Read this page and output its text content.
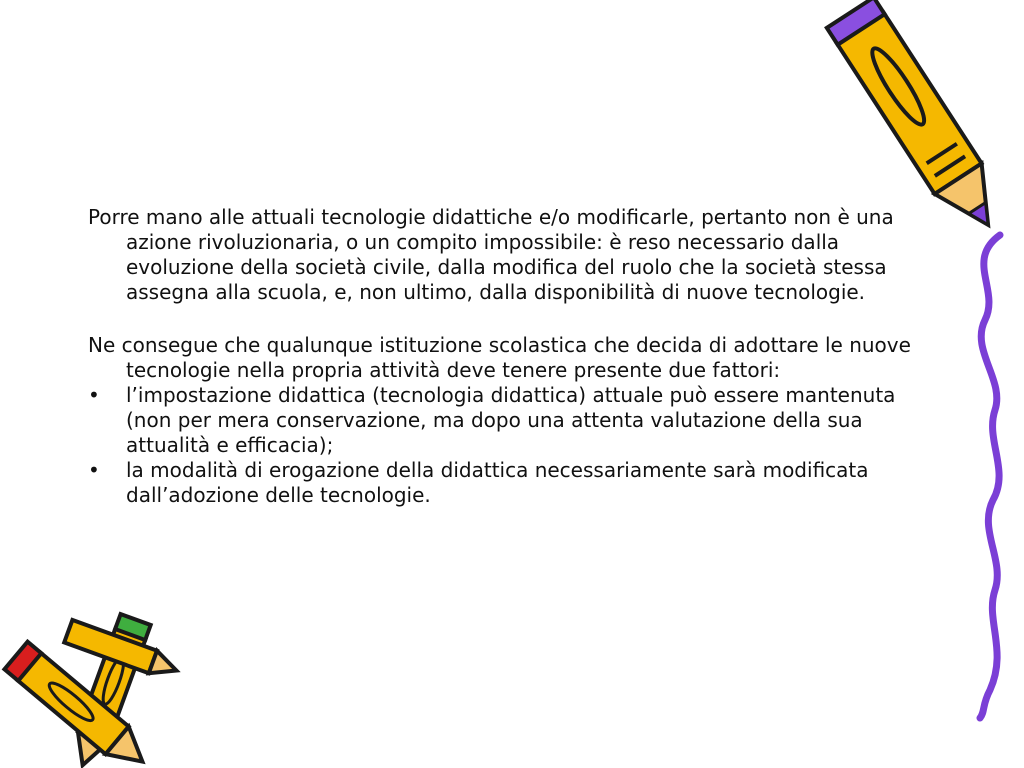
Porre mano alle attuali tecnologie didattiche e/o modificarle, pertanto non è una azione rivoluzionaria, o un compito impossibile: è reso necessario dalla evoluzione della società civile, dalla modifica del ruolo che la società stessa assegna alla scuola, e, non ultimo, dalla disponibilità di nuove tecnologie.

Ne consegue che qualunque istituzione scolastica che decida di adottare le nuove tecnologie nella propria attività deve tenere presente due fattori:

•	l’impostazione didattica (tecnologia didattica) attuale può essere mantenuta (non per mera conservazione, ma dopo una attenta valutazione della sua attualità e efficacia);
•	la modalità di erogazione della didattica necessariamente sarà modificata dall’adozione delle tecnologie.
